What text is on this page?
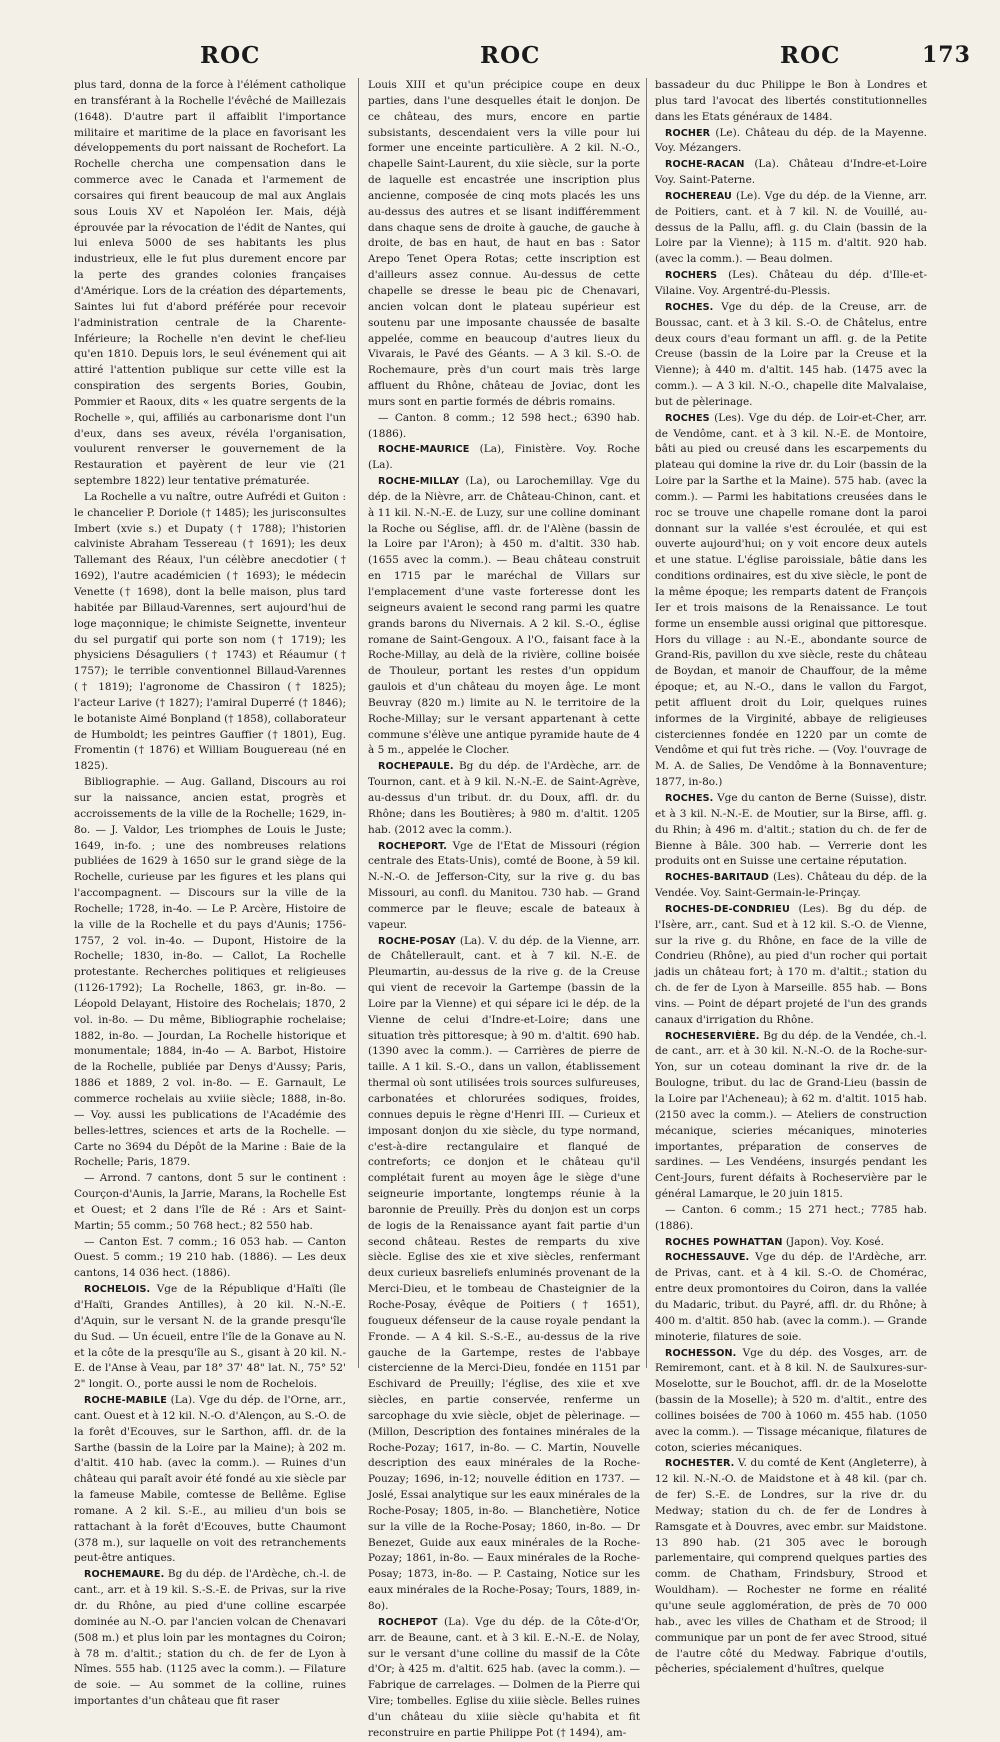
ROC	ROC	ROC	173

plus tard, donna de la force à l'élément catholique en transférant à la Rochelle l'évêché de Maillezais (1648). D'autre part il affaiblit l'importance militaire et maritime de la place en favorisant les développements du port naissant de Rochefort. La Rochelle chercha une compensation dans le commerce avec le Canada et l'armement de corsaires qui firent beaucoup de mal aux Anglais sous Louis XV et Napoléon Ier. Mais, déjà éprouvée par la révocation de l'édit de Nantes, qui lui enleva 5000 de ses habitants les plus industrieux, elle le fut plus durement encore par la perte des grandes colonies françaises d'Amérique. Lors de la création des départements, Saintes lui fut d'abord préférée pour recevoir l'administration centrale de la Charente-Inférieure; la Rochelle n'en devint le chef-lieu qu'en 1810. Depuis lors, le seul événement qui ait attiré l'attention publique sur cette ville est la conspiration des sergents Bories, Goubin, Pommier et Raoux, dits « les quatre sergents de la Rochelle », qui, affiliés au carbonarisme dont l'un d'eux, dans ses aveux, révéla l'organisation, voulurent renverser le gouvernement de la Restauration et payèrent de leur vie (21 septembre 1822) leur tentative prématurée.

La Rochelle a vu naître, outre Aufrédi et Guiton : le chancelier P. Doriole († 1485); les jurisconsultes Imbert (xvie s.) et Dupaty († 1788); l'historien calviniste Abraham Tessereau († 1691); les deux Tallemant des Réaux, l'un célèbre anecdotier († 1692), l'autre académicien († 1693); le médecin Venette († 1698), dont la belle maison, plus tard habitée par Billaud-Varennes, sert aujourd'hui de loge maçonnique; le chimiste Seignette, inventeur du sel purgatif qui porte son nom († 1719); les physiciens Désaguliers († 1743) et Réaumur († 1757); le terrible conventionnel Billaud-Varennes († 1819); l'agronome de Chassiron († 1825); l'acteur Larive († 1827); l'amiral Duperré († 1846); le botaniste Aimé Bonpland († 1858), collaborateur de Humboldt; les peintres Gauffier († 1801), Eug. Fromentin († 1876) et William Bouguereau (né en 1825).

Bibliographie. — Aug. Galland, Discours au roi sur la naissance, ancien estat, progrès et accroissements de la ville de la Rochelle; 1629, in-8o. — J. Valdor, Les triomphes de Louis le Juste; 1649, in-fo. ; une des nombreuses relations publiées de 1629 à 1650 sur le grand siège de la Rochelle, curieuse par les figures et les plans qui l'accompagnent. — Discours sur la ville de la Rochelle; 1728, in-4o. — Le P. Arcère, Histoire de la ville de la Rochelle et du pays d'Aunis; 1756-1757, 2 vol. in-4o. — Dupont, Histoire de la Rochelle; 1830, in-8o. — Callot, La Rochelle protestante. Recherches politiques et religieuses (1126-1792); La Rochelle, 1863, gr. in-8o. — Léopold Delayant, Histoire des Rochelais; 1870, 2 vol. in-8o. — Du même, Bibliographie rochelaise; 1882, in-8o. — Jourdan, La Rochelle historique et monumentale; 1884, in-4o — A. Barbot, Histoire de la Rochelle, publiée par Denys d'Aussy; Paris, 1886 et 1889, 2 vol. in-8o. — E. Garnault, Le commerce rochelais au xviiie siècle; 1888, in-8o. — Voy. aussi les publications de l'Académie des belles-lettres, sciences et arts de la Rochelle. — Carte no 3694 du Dépôt de la Marine : Baie de la Rochelle; Paris, 1879.

— Arrond. 7 cantons, dont 5 sur le continent : Courçon-d'Aunis, la Jarrie, Marans, la Rochelle Est et Ouest; et 2 dans l'île de Ré : Ars et Saint-Martin; 55 comm.; 50 768 hect.; 82 550 hab.

— Canton Est. 7 comm.; 16 053 hab. — Canton Ouest. 5 comm.; 19 210 hab. (1886). — Les deux cantons, 14 036 hect. (1886).

ROCHELOIS. Vge de la République d'Haïti (île d'Haïti, Grandes Antilles), à 20 kil. N.-N.-E. d'Aquin, sur le versant N. de la grande presqu'île du Sud. — Un écueil, entre l'île de la Gonave au N. et la côte de la presqu'île au S., gisant à 20 kil. N.-E. de l'Anse à Veau, par 18° 37' 48" lat. N., 75° 52' 2" longit. O., porte aussi le nom de Rochelois.

ROCHE-MABILE (La). Vge du dép. de l'Orne, arr., cant. Ouest et à 12 kil. N.-O. d'Alençon, au S.-O. de la forêt d'Ecouves, sur le Sarthon, affl. dr. de la Sarthe (bassin de la Loire par la Maine); à 202 m. d'altit. 410 hab. (avec la comm.). — Ruines d'un château qui paraît avoir été fondé au xie siècle par la fameuse Mabile, comtesse de Bellême. Eglise romane. A 2 kil. S.-E., au milieu d'un bois se rattachant à la forêt d'Ecouves, butte Chaumont (378 m.), sur laquelle on voit des retranchements peut-être antiques.

ROCHEMAURE. Bg du dép. de l'Ardèche, ch.-l. de cant., arr. et à 19 kil. S.-S.-E. de Privas, sur la rive dr. du Rhône, au pied d'une colline escarpée dominée au N.-O. par l'ancien volcan de Chenavari (508 m.) et plus loin par les montagnes du Coiron; à 78 m. d'altit.; station du ch. de fer de Lyon à Nîmes. 555 hab. (1125 avec la comm.). — Filature de soie. — Au sommet de la colline, ruines importantes d'un château que fit raser

Louis XIII et qu'un précipice coupe en deux parties, dans l'une desquelles était le donjon. De ce château, des murs, encore en partie subsistants, descendaient vers la ville pour lui former une enceinte particulière. A 2 kil. N.-O., chapelle Saint-Laurent, du xiie siècle, sur la porte de laquelle est encastrée une inscription plus ancienne, composée de cinq mots placés les uns au-dessus des autres et se lisant indifféremment dans chaque sens de droite à gauche, de gauche à droite, de bas en haut, de haut en bas : Sator Arepo Tenet Opera Rotas; cette inscription est d'ailleurs assez connue. Au-dessus de cette chapelle se dresse le beau pic de Chenavari, ancien volcan dont le plateau supérieur est soutenu par une imposante chaussée de basalte appelée, comme en beaucoup d'autres lieux du Vivarais, le Pavé des Géants. — A 3 kil. S.-O. de Rochemaure, près d'un court mais très large affluent du Rhône, château de Joviac, dont les murs sont en partie formés de débris romains.

— Canton. 8 comm.; 12 598 hect.; 6390 hab. (1886).

ROCHE-MAURICE (La), Finistère. Voy. Roche (La).

ROCHE-MILLAY (La), ou Larochemillay. Vge du dép. de la Nièvre, arr. de Château-Chinon, cant. et à 11 kil. N.-N.-E. de Luzy, sur une colline dominant la Roche ou Séglise, affl. dr. de l'Alène (bassin de la Loire par l'Aron); à 450 m. d'altit. 330 hab. (1655 avec la comm.). — Beau château construit en 1715 par le maréchal de Villars sur l'emplacement d'une vaste forteresse dont les seigneurs avaient le second rang parmi les quatre grands barons du Nivernais. A 2 kil. S.-O., église romane de Saint-Gengoux. A l'O., faisant face à la Roche-Millay, au delà de la rivière, colline boisée de Thouleur, portant les restes d'un oppidum gaulois et d'un château du moyen âge. Le mont Beuvray (820 m.) limite au N. le territoire de la Roche-Millay; sur le versant appartenant à cette commune s'élève une antique pyramide haute de 4 à 5 m., appelée le Clocher.

ROCHEPAULE. Bg du dép. de l'Ardèche, arr. de Tournon, cant. et à 9 kil. N.-N.-E. de Saint-Agrève, au-dessus d'un tribut. dr. du Doux, affl. dr. du Rhône; dans les Boutières; à 980 m. d'altit. 1205 hab. (2012 avec la comm.).

ROCHEPORT. Vge de l'Etat de Missouri (région centrale des Etats-Unis), comté de Boone, à 59 kil. N.-N.-O. de Jefferson-City, sur la rive g. du bas Missouri, au confl. du Manitou. 730 hab. — Grand commerce par le fleuve; escale de bateaux à vapeur.

ROCHE-POSAY (La). V. du dép. de la Vienne, arr. de Châtellerault, cant. et à 7 kil. N.-E. de Pleumartin, au-dessus de la rive g. de la Creuse qui vient de recevoir la Gartempe (bassin de la Loire par la Vienne) et qui sépare ici le dép. de la Vienne de celui d'Indre-et-Loire; dans une situation très pittoresque; à 90 m. d'altit. 690 hab. (1390 avec la comm.). — Carrières de pierre de taille. A 1 kil. S.-O., dans un vallon, établissement thermal où sont utilisées trois sources sulfureuses, carbonatées et chlorurées sodiques, froides, connues depuis le règne d'Henri III. — Curieux et imposant donjon du xie siècle, du type normand, c'est-à-dire rectangulaire et flanqué de contreforts; ce donjon et le château qu'il complétait furent au moyen âge le siège d'une seigneurie importante, longtemps réunie à la baronnie de Preuilly. Près du donjon est un corps de logis de la Renaissance ayant fait partie d'un second château. Restes de remparts du xive siècle. Eglise des xie et xive siècles, renfermant deux curieux basreliefs enluminés provenant de la Merci-Dieu, et le tombeau de Chasteignier de la Roche-Posay, évêque de Poitiers († 1651), fougueux défenseur de la cause royale pendant la Fronde. — A 4 kil. S.-S.-E., au-dessus de la rive gauche de la Gartempe, restes de l'abbaye cistercienne de la Merci-Dieu, fondée en 1151 par Eschivard de Preuilly; l'église, des xiie et xve siècles, en partie conservée, renferme un sarcophage du xvie siècle, objet de pèlerinage. — (Millon, Description des fontaines minérales de la Roche-Pozay; 1617, in-8o. — C. Martin, Nouvelle description des eaux minérales de la Roche-Pouzay; 1696, in-12; nouvelle édition en 1737. — Joslé, Essai analytique sur les eaux minérales de la Roche-Posay; 1805, in-8o. — Blanchetière, Notice sur la ville de la Roche-Posay; 1860, in-8o. — Dr Benezet, Guide aux eaux minérales de la Roche-Pozay; 1861, in-8o. — Eaux minérales de la Roche-Posay; 1873, in-8o. — P. Castaing, Notice sur les eaux minérales de la Roche-Posay; Tours, 1889, in-8o).

ROCHEPOT (La). Vge du dép. de la Côte-d'Or, arr. de Beaune, cant. et à 3 kil. E.-N.-E. de Nolay, sur le versant d'une colline du massif de la Côte d'Or; à 425 m. d'altit. 625 hab. (avec la comm.). — Fabrique de carrelages. — Dolmen de la Pierre qui Vire; tombelles. Eglise du xiiie siècle. Belles ruines d'un château du xiiie siècle qu'habita et fit reconstruire en partie Philippe Pot († 1494), am-

bassadeur du duc Philippe le Bon à Londres et plus tard l'avocat des libertés constitutionnelles dans les Etats généraux de 1484.

ROCHER (Le). Château du dép. de la Mayenne. Voy. Mézangers.

ROCHE-RACAN (La). Château d'Indre-et-Loire Voy. Saint-Paterne.

ROCHEREAU (Le). Vge du dép. de la Vienne, arr. de Poitiers, cant. et à 7 kil. N. de Vouillé, au-dessus de la Pallu, affl. g. du Clain (bassin de la Loire par la Vienne); à 115 m. d'altit. 920 hab. (avec la comm.). — Beau dolmen.

ROCHERS (Les). Château du dép. d'Ille-et-Vilaine. Voy. Argentré-du-Plessis.

ROCHES. Vge du dép. de la Creuse, arr. de Boussac, cant. et à 3 kil. S.-O. de Châtelus, entre deux cours d'eau formant un affl. g. de la Petite Creuse (bassin de la Loire par la Creuse et la Vienne); à 440 m. d'altit. 145 hab. (1475 avec la comm.). — A 3 kil. N.-O., chapelle dite Malvalaise, but de pèlerinage.

ROCHES (Les). Vge du dép. de Loir-et-Cher, arr. de Vendôme, cant. et à 3 kil. N.-E. de Montoire, bâti au pied ou creusé dans les escarpements du plateau qui domine la rive dr. du Loir (bassin de la Loire par la Sarthe et la Maine). 575 hab. (avec la comm.). — Parmi les habitations creusées dans le roc se trouve une chapelle romane dont la paroi donnant sur la vallée s'est écroulée, et qui est ouverte aujourd'hui; on y voit encore deux autels et une statue. L'église paroissiale, bâtie dans les conditions ordinaires, est du xive siècle, le pont de la même époque; les remparts datent de François Ier et trois maisons de la Renaissance. Le tout forme un ensemble aussi original que pittoresque. Hors du village : au N.-E., abondante source de Grand-Ris, pavillon du xve siècle, reste du château de Boydan, et manoir de Chauffour, de la même époque; et, au N.-O., dans le vallon du Fargot, petit affluent droit du Loir, quelques ruines informes de la Virginité, abbaye de religieuses cisterciennes fondée en 1220 par un comte de Vendôme et qui fut très riche. — (Voy. l'ouvrage de M. A. de Salies, De Vendôme à la Bonnaventure; 1877, in-8o.)

ROCHES. Vge du canton de Berne (Suisse), distr. et à 3 kil. N.-N.-E. de Moutier, sur la Birse, affl. g. du Rhin; à 496 m. d'altit.; station du ch. de fer de Bienne à Bâle. 300 hab. — Verrerie dont les produits ont en Suisse une certaine réputation.

ROCHES-BARITAUD (Les). Château du dép. de la Vendée. Voy. Saint-Germain-le-Prinçay.

ROCHES-DE-CONDRIEU (Les). Bg du dép. de l'Isère, arr., cant. Sud et à 12 kil. S.-O. de Vienne, sur la rive g. du Rhône, en face de la ville de Condrieu (Rhône), au pied d'un rocher qui portait jadis un château fort; à 170 m. d'altit.; station du ch. de fer de Lyon à Marseille. 855 hab. — Bons vins. — Point de départ projeté de l'un des grands canaux d'irrigation du Rhône.

ROCHESERVIÈRE. Bg du dép. de la Vendée, ch.-l. de cant., arr. et à 30 kil. N.-N.-O. de la Roche-sur-Yon, sur un coteau dominant la rive dr. de la Boulogne, tribut. du lac de Grand-Lieu (bassin de la Loire par l'Acheneau); à 62 m. d'altit. 1015 hab. (2150 avec la comm.). — Ateliers de construction mécanique, scieries mécaniques, minoteries importantes, préparation de conserves de sardines. — Les Vendéens, insurgés pendant les Cent-Jours, furent défaits à Rocheservière par le général Lamarque, le 20 juin 1815.

— Canton. 6 comm.; 15 271 hect.; 7785 hab. (1886).

ROCHES POWHATTAN (Japon). Voy. Kosé.

ROCHESSAUVE. Vge du dép. de l'Ardèche, arr. de Privas, cant. et à 4 kil. S.-O. de Chomérac, entre deux promontoires du Coiron, dans la vallée du Madaric, tribut. du Payré, affl. dr. du Rhône; à 400 m. d'altit. 850 hab. (avec la comm.). — Grande minoterie, filatures de soie.

ROCHESSON. Vge du dép. des Vosges, arr. de Remiremont, cant. et à 8 kil. N. de Saulxures-sur-Moselotte, sur le Bouchot, affl. dr. de la Moselotte (bassin de la Moselle); à 520 m. d'altit., entre des collines boisées de 700 à 1060 m. 455 hab. (1050 avec la comm.). — Tissage mécanique, filatures de coton, scieries mécaniques.

ROCHESTER. V. du comté de Kent (Angleterre), à 12 kil. N.-N.-O. de Maidstone et à 48 kil. (par ch. de fer) S.-E. de Londres, sur la rive dr. du Medway; station du ch. de fer de Londres à Ramsgate et à Douvres, avec embr. sur Maidstone. 13 890 hab. (21 305 avec le borough parlementaire, qui comprend quelques parties des comm. de Chatham, Frindsbury, Strood et Wouldham). — Rochester ne forme en réalité qu'une seule agglomération, de près de 70 000 hab., avec les villes de Chatham et de Strood; il communique par un pont de fer avec Strood, situé de l'autre côté du Medway. Fabrique d'outils, pêcheries, spécialement d'huîtres, quelque
